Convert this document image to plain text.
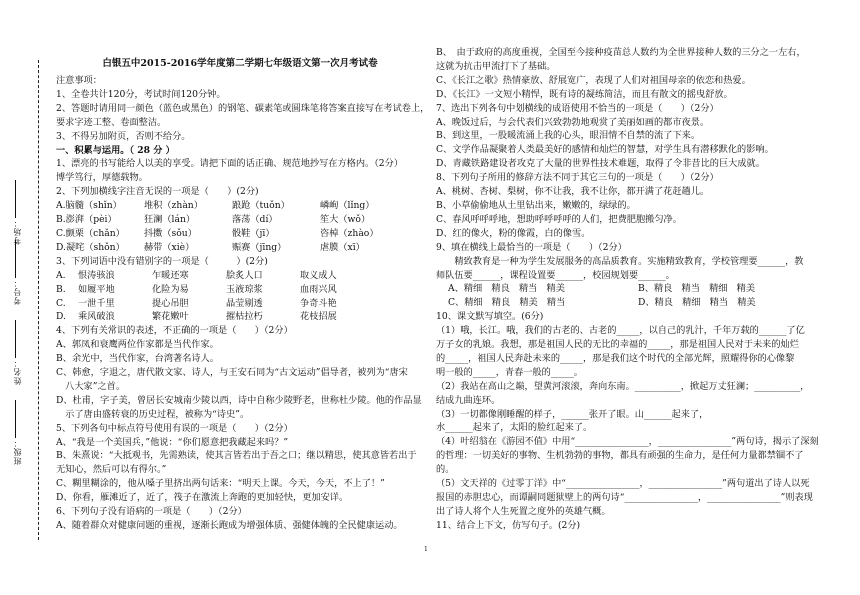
考场：
考号：
姓名：
班级：
白银五中2015-2016学年度第二学期七年级语文第一次月考试卷
注意事项：
1、全卷共计120分，考试时间120分钟。
2、答题时请用同一颜色（蓝色或黑色）的钢笔、碳素笔或圆珠笔将答案直接写在考试卷上，
要求字迹工整、卷面整洁。
3、不得另加附页，否则不给分。
一、积累与运用。（ 28 分 ）
1、漂亮的书写能给人以美的享受。请把下面的话正确、规范地抄写在方格内。（2分）
博学笃行，厚德载物。
2、下列加横线字注音无误的一项是（　　）(2分)
A.脑髓（shǐn）	堆积（zhàn）	踉跄（tuǒn）	嶙峋（lǐng）
B.澎湃（pèi）	狂澜（lán）	落荡（dí）	笙大（wǒ）
C.颤栗（chǎn）	抖擞（sǒu）	骰鞋（jī）	咨棹（zhào）
D.凝咤（shǒn）	赫带（xiè）	赈赛（jīng）	虐膜（xī）
3、下列词语中没有错别字的一项是（　　　）(2分)
A.	恨涛骇浪	乍暖还寒	脍炙人口	取义成人
B.	如履平地	化险为易	玉液琼浆	血雨兴风
C.	一泄千里	提心吊胆	晶莹剔透	争奇斗艳
D.	乘风破浪	繁花嫩叶	摧枯拉朽	花枝招展
4、下列有关常识的表述，不正确的一项是（　　）（2分）
A、郭凤和衰鹰两位作家都是当代作家。
B、余光中，当代作家，台湾著名诗人。
C、韩愈，字退之，唐代散文家、诗人，与王安石同为“古文运动”倡导者，被列为“唐宋
　八大家”之首。
D、杜甫，字子美，曾居长安城南少陵以西，诗中自称少陵野老，世称杜少陵。他的作品显
　示了唐由盛转衰的历史过程，被称为“诗史”。
5、下列各句中标点符号使用有误的一项是（　　）（2分）
A、“我是一个美国兵，”他说：“你们愿意把我藏起来吗？”
B、朱熹说：“大抵观书，先需熟读，使其言皆若出于吾之口；继以精思，使其意皆若出于
无知心，然后可以有得尔。”
C、糊里糊涂的，他从嗓子里挤出两句话来：“明天上课。今天，今天，不上了！”
D、你看，雁滩近了，近了，筏子在激流上奔跑的更加轻快，更加安详。
6、下列句子没有语病的一项是（　　）（2分）
A、随着群众对健康问题的重视，逐渐长跑成为增强体质、强健体魄的全民健康运动。
B、　由于政府的高度重视，全国至今接种疫苗总人数约为全世界接种人数的三分之一左右，
这就为抗击甲流打下了基础。
C、《长江之歌》热情豪放、舒展宽广，表现了人们对祖国母亲的依恋和热爱。
D、《长江》一文短小精悍，既有诗的凝练简洁，而且有散文的摇曳舒放。
7、选出下列各句中划横线的成语使用不恰当的一项是（　　）（2分）
A、晚饭过后，与会代表们兴致勃勃地观赏了美丽如画的都市夜景。
B、到这里，一股暖流涌上我的心头，眼泪情不自禁的流了下来。
C、文学作品凝聚着人类最美好的感情和灿烂的智慧，对学生具有潜移默化的影响。
D、青藏铁路建设者攻克了大量的世界性技术难题，取得了令非昔比的巨大成就。
8、下列句子所用的修辞方法不同于其它三句的一项是（　　）（2分）
A、桃树、杏树、梨树，你不让我，我不让你，都开满了花赶趟儿。
B、小草偷偷地从土里钻出来，嫩嫩的，绿绿的。
C、春风呼呼呼地，想助呼呼呼呼的人们，把费肥胞搬匀净。
D、红的像火，粉的像霞，白的像雪。
9、填在横线上最恰当的一项是（　　）（2分）
　　精致教育是一种为学生发展服务的高品质教育。实施精致教育，学校管理要______，教
师队伍要______，课程设置要______，校园规划要______。
A、精细　精良　精当　精美	B、精良　精当　精细　精美
C、精细　精良　精美　精当	D、精良　精细　精当　精美
10、课文默写填空。(6分)
（1）哦，长江。哦，我们的古老的、古老的_____，以自己的乳汁，千年万载的______了亿
万子女的乳娘。我想，那是祖国人民的无比的幸福的_____，那是祖国人民对于未来的灿烂
的_____，祖国人民奔赴未来的_____，那是我们这个时代的全部光辉，照耀得你的心像黎
明一般的_____，青春一般的_____。
（2）我站在高山之巅，望黄河滚滚，奔向东南。__________，掀起万丈狂澜；__________，
结成九曲连环。
（3）一切都像刚睡醒的样子，______张开了眼。山______起来了，
水______起来了，太阳的脸红起来了。
（4）叶绍翁在《游园不值》中用“________________，________________”两句诗，揭示了深刻
的哲理：一切美好的事物、生机勃勃的事物，都具有顽强的生命力，是任何力量都禁锢不了
的。
（5）文天祥的《过零丁洋》中“________________，________________”两句道出了诗人以死
报国的赤胆忠心，而谭嗣同题狱壁上的两句诗“________________，________________”则表现
出了诗人将个人生死置之度外的英雄气概。
11、结合上下文，仿写句子。(2分)
1
